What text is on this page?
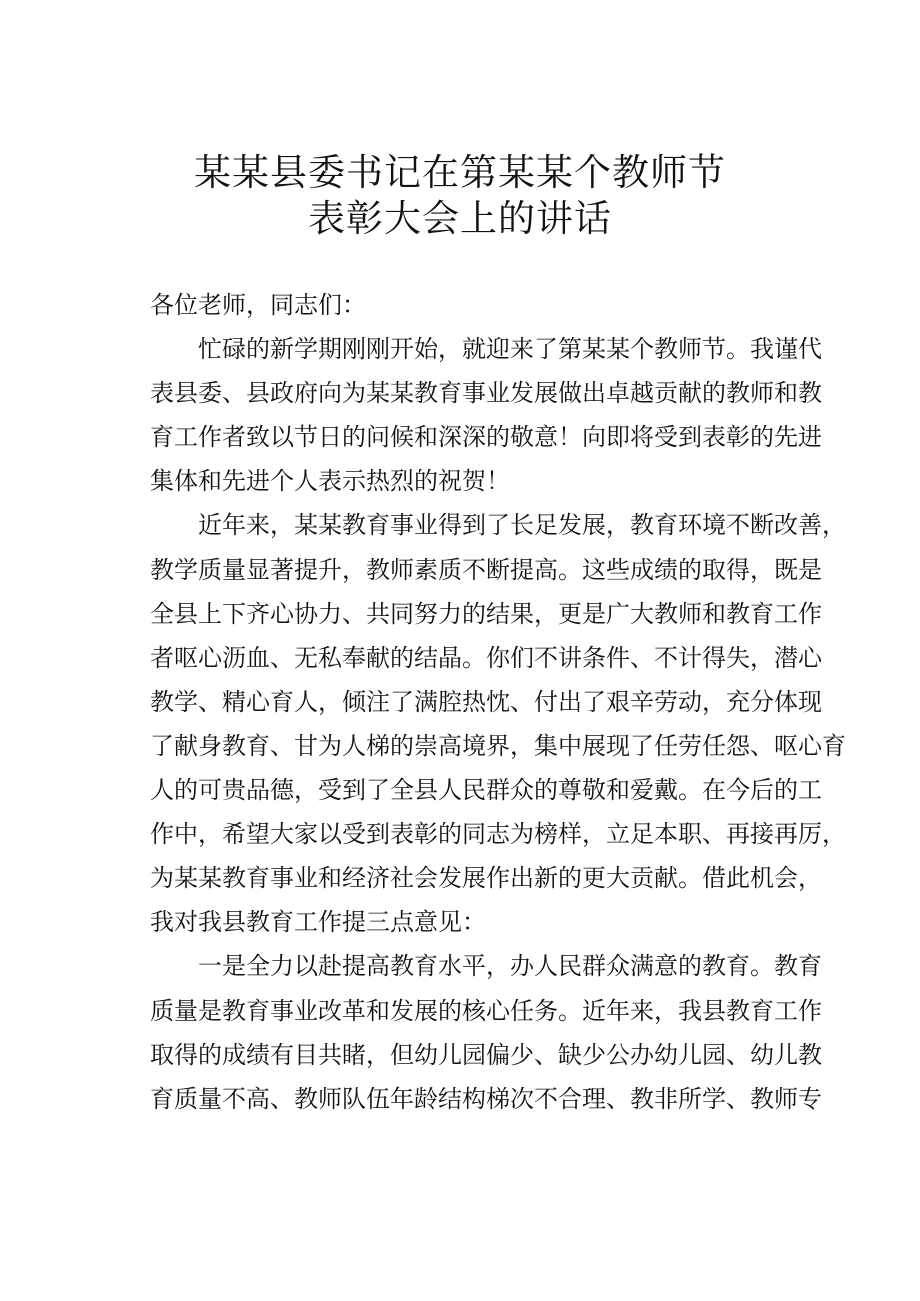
某某县委书记在第某某个教师节
表彰大会上的讲话
各位老师，同志们：
忙碌的新学期刚刚开始，就迎来了第某某个教师节。我谨代
表县委、县政府向为某某教育事业发展做出卓越贡献的教师和教
育工作者致以节日的问候和深深的敬意！向即将受到表彰的先进
集体和先进个人表示热烈的祝贺！
近年来，某某教育事业得到了长足发展，教育环境不断改善，
教学质量显著提升，教师素质不断提高。这些成绩的取得，既是
全县上下齐心协力、共同努力的结果，更是广大教师和教育工作
者呕心沥血、无私奉献的结晶。你们不讲条件、不计得失，潜心
教学、精心育人，倾注了满腔热忱、付出了艰辛劳动，充分体现
了献身教育、甘为人梯的崇高境界，集中展现了任劳任怨、呕心育
人的可贵品德，受到了全县人民群众的尊敬和爱戴。在今后的工
作中，希望大家以受到表彰的同志为榜样，立足本职、再接再厉，
为某某教育事业和经济社会发展作出新的更大贡献。借此机会，
我对我县教育工作提三点意见：
一是全力以赴提高教育水平，办人民群众满意的教育。教育
质量是教育事业改革和发展的核心任务。近年来，我县教育工作
取得的成绩有目共睹，但幼儿园偏少、缺少公办幼儿园、幼儿教
育质量不高、教师队伍年龄结构梯次不合理、教非所学、教师专
